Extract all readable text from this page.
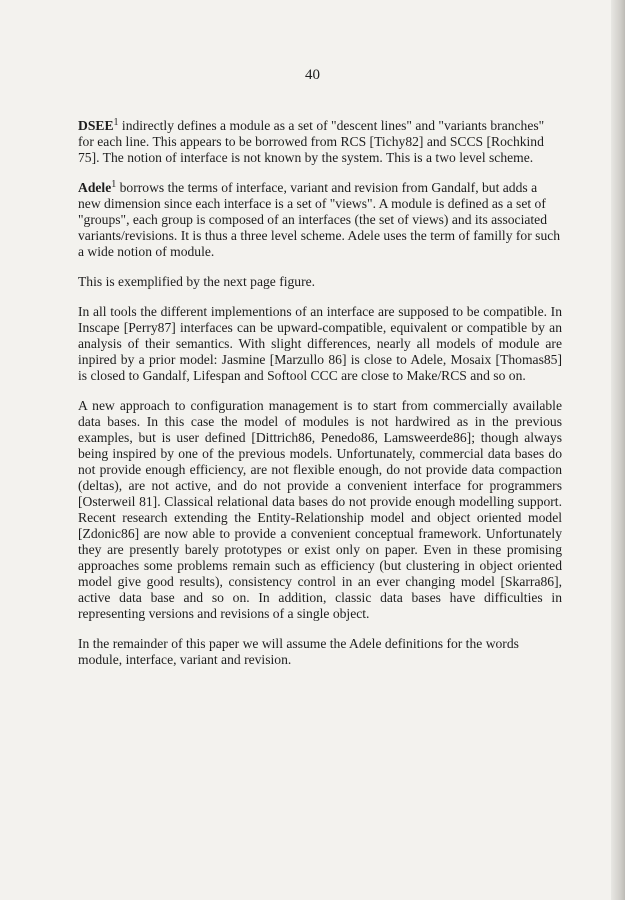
40

DSEE$^1$ indirectly defines a module as a set of "descent lines" and "variants branches" for each line. This appears to be borrowed from RCS [Tichy82] and SCCS [Rochkind 75]. The notion of interface is not known by the system. This is a two level scheme.

Adele$^1$ borrows the terms of interface, variant and revision from Gandalf, but adds a new dimension since each interface is a set of "views". A module is defined as a set of "groups", each group is composed of an interfaces (the set of views) and its associated variants/revisions. It is thus a three level scheme. Adele uses the term of familly for such a wide notion of module.

This is exemplified by the next page figure.

In all tools the different implementions of an interface are supposed to be compatible. In Inscape [Perry87] interfaces can be upward-compatible, equivalent or compatible by an analysis of their semantics. With slight differences, nearly all models of module are inpired by a prior model: Jasmine [Marzullo 86] is close to Adele, Mosaix [Thomas85] is closed to Gandalf, Lifespan and Softool CCC are close to Make/RCS and so on.

A new approach to configuration management is to start from commercially available data bases. In this case the model of modules is not hardwired as in the previous examples, but is user defined [Dittrich86, Penedo86, Lamsweerde86]; though always being inspired by one of the previous models. Unfortunately, commercial data bases do not provide enough efficiency, are not flexible enough, do not provide data compaction (deltas), are not active, and do not provide a convenient interface for programmers [Osterweil 81]. Classical relational data bases do not provide enough modelling support. Recent research extending the Entity-Relationship model and object oriented model [Zdonic86] are now able to provide a convenient conceptual framework. Unfortunately they are presently barely prototypes or exist only on paper. Even in these promising approaches some problems remain such as efficiency (but clustering in object oriented model give good results), consistency control in an ever changing model [Skarra86], active data base and so on. In addition, classic data bases have difficulties in representing versions and revisions of a single object.

In the remainder of this paper we will assume the Adele definitions for the words module, interface, variant and revision.
